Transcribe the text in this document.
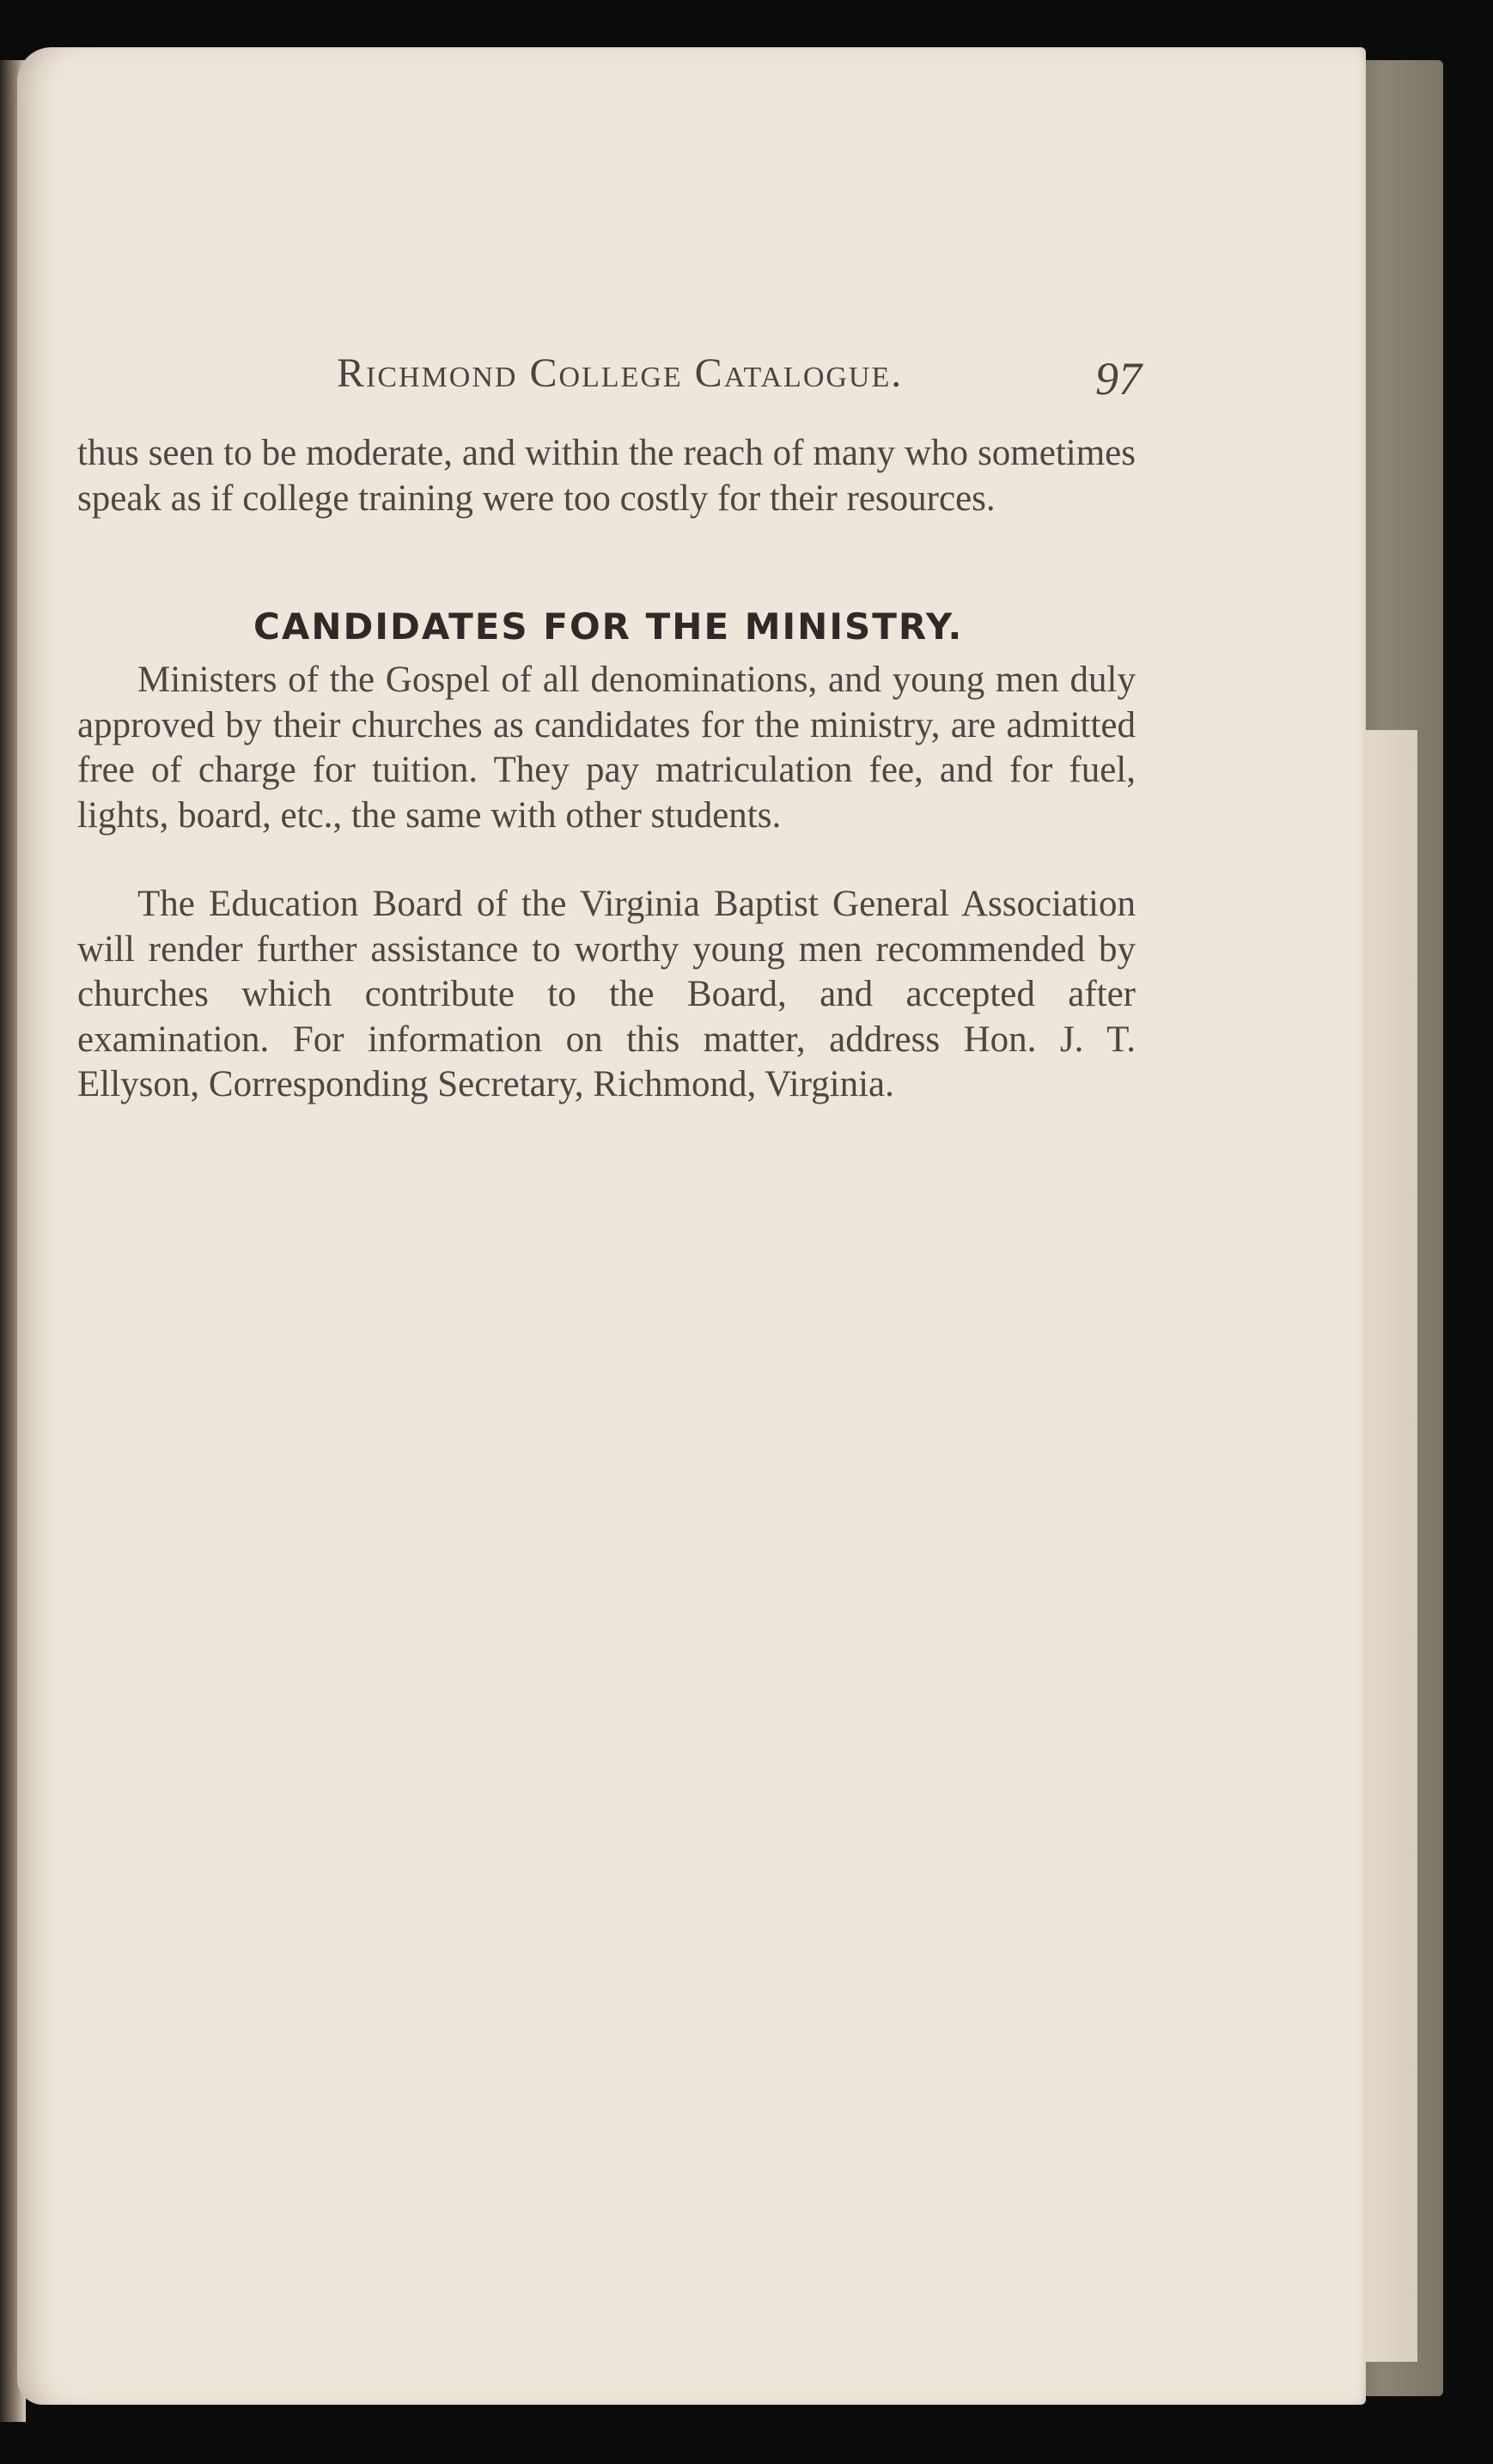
Richmond College Catalogue.	97
thus seen to be moderate, and within the reach of many who sometimes speak as if college training were too costly for their resources.
CANDIDATES FOR THE MINISTRY.
Ministers of the Gospel of all denominations, and young men duly approved by their churches as candidates for the ministry, are admitted free of charge for tuition. They pay matriculation fee, and for fuel, lights, board, etc., the same with other students.
The Education Board of the Virginia Baptist General Association will render further assistance to worthy young men recommended by churches which contribute to the Board, and accepted after examination. For information on this matter, address Hon. J. T. Ellyson, Corresponding Secretary, Richmond, Virginia.
